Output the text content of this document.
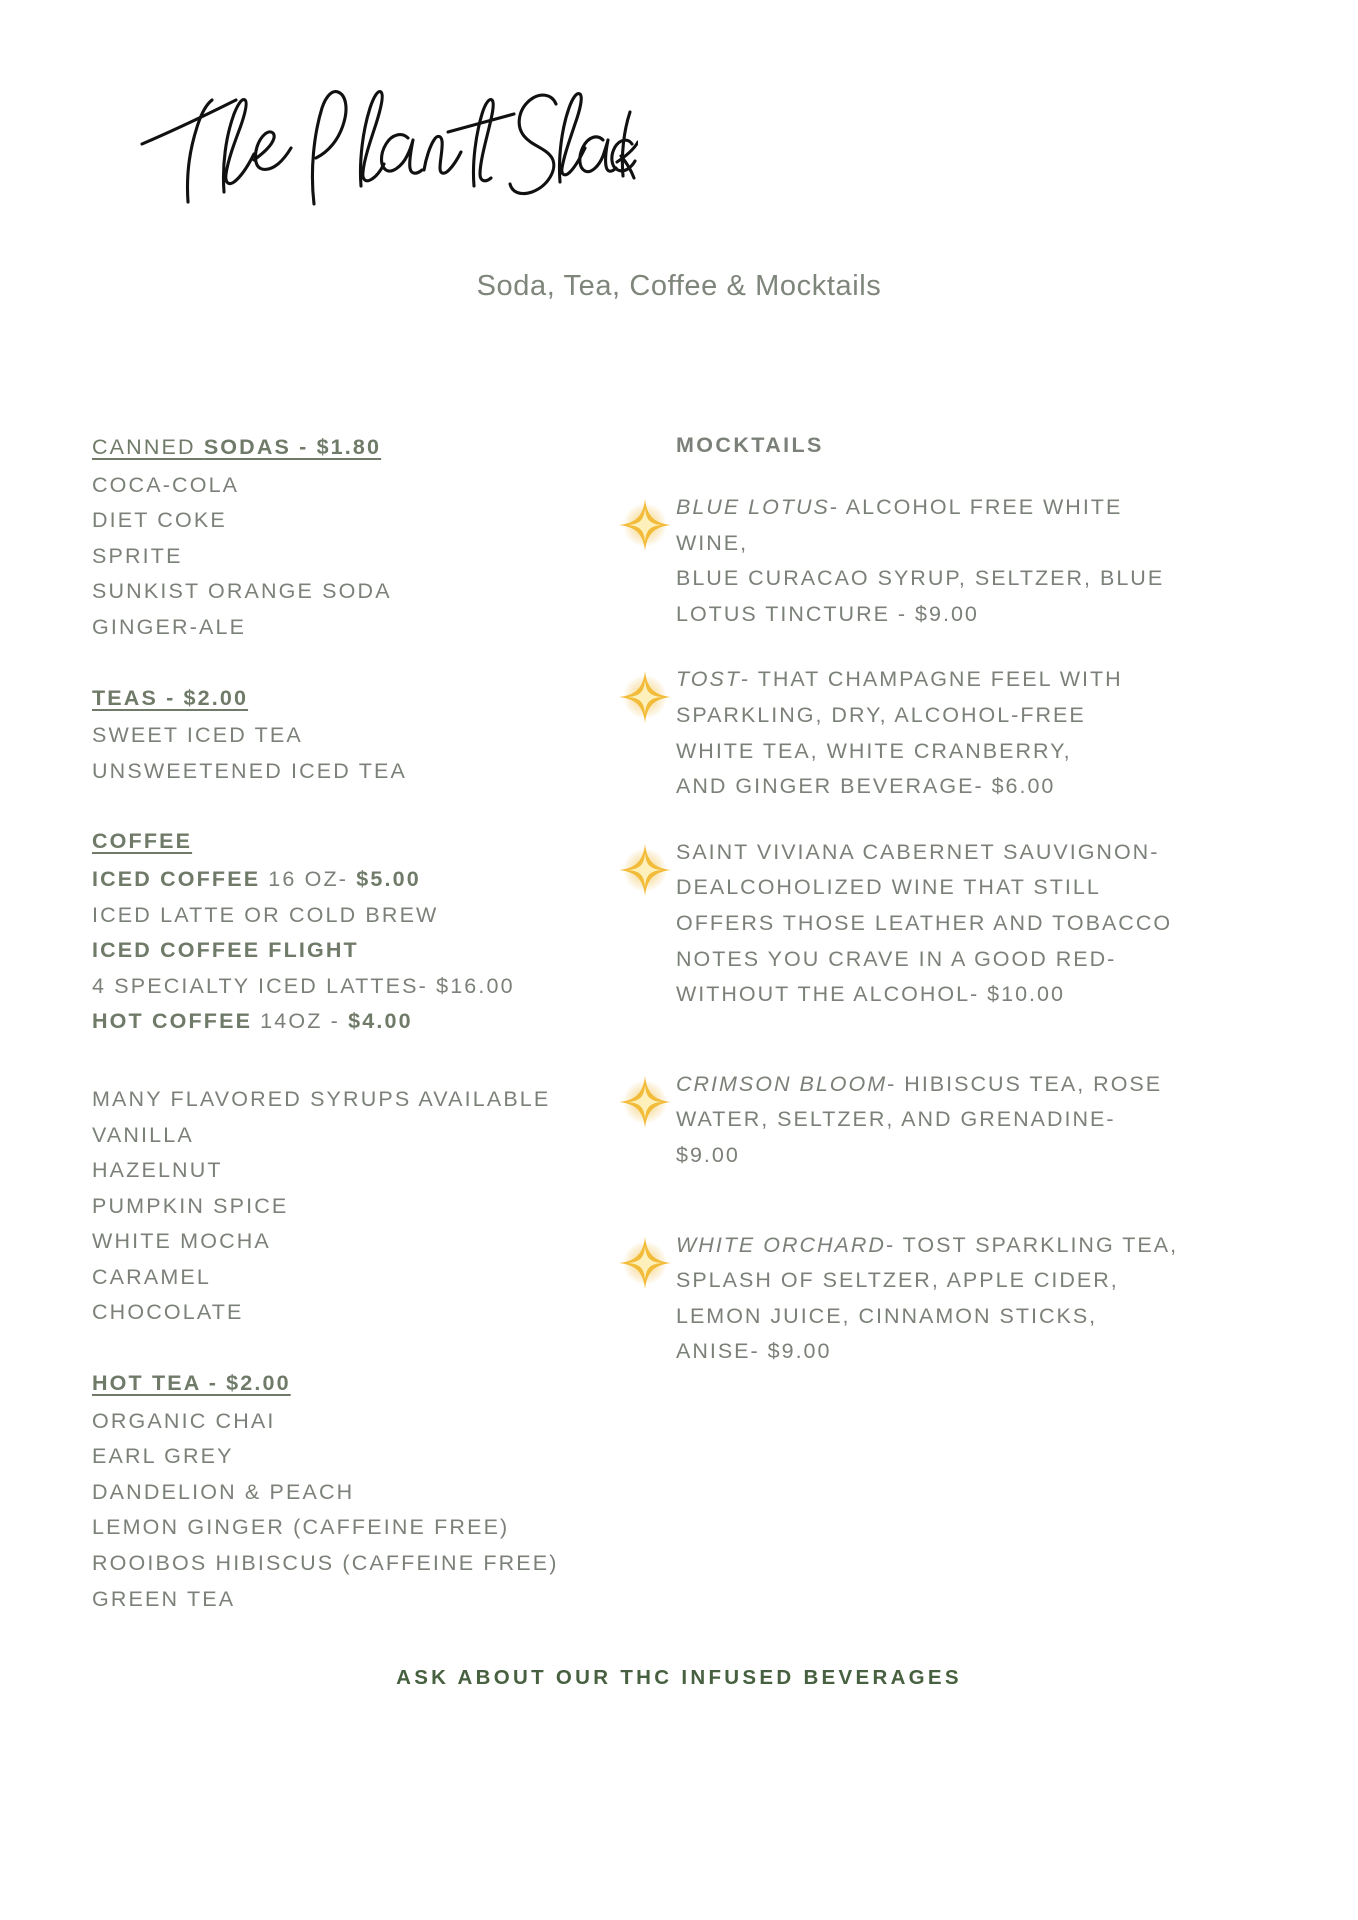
Soda, Tea, Coffee & Mocktails
CANNED SODAS - $1.80
COCA-COLA
DIET COKE
SPRITE
SUNKIST ORANGE SODA
GINGER-ALE
TEAS - $2.00
SWEET ICED TEA
UNSWEETENED ICED TEA
COFFEE
ICED COFFEE 16 OZ- $5.00
ICED LATTE OR COLD BREW
ICED COFFEE FLIGHT
4 SPECIALTY ICED LATTES- $16.00
HOT COFFEE 14OZ - $4.00
MANY FLAVORED SYRUPS AVAILABLE
VANILLA
HAZELNUT
PUMPKIN SPICE
WHITE MOCHA
CARAMEL
CHOCOLATE
HOT TEA - $2.00
ORGANIC CHAI
EARL GREY
DANDELION & PEACH
LEMON GINGER (CAFFEINE FREE)
ROOIBOS HIBISCUS (CAFFEINE FREE)
GREEN TEA
MOCKTAILS
BLUE LOTUS- ALCOHOL FREE WHITE
WINE,
BLUE CURACAO SYRUP, SELTZER, BLUE
LOTUS TINCTURE - $9.00
TOST- THAT CHAMPAGNE FEEL WITH
SPARKLING, DRY, ALCOHOL-FREE
WHITE TEA, WHITE CRANBERRY,
AND GINGER BEVERAGE- $6.00
SAINT VIVIANA CABERNET SAUVIGNON-
DEALCOHOLIZED WINE THAT STILL
OFFERS THOSE LEATHER AND TOBACCO
NOTES YOU CRAVE IN A GOOD RED-
WITHOUT THE ALCOHOL- $10.00
CRIMSON BLOOM- HIBISCUS TEA, ROSE
WATER, SELTZER, AND GRENADINE-
$9.00
WHITE ORCHARD- TOST SPARKLING TEA,
SPLASH OF SELTZER, APPLE CIDER,
LEMON JUICE, CINNAMON STICKS,
ANISE- $9.00
ASK ABOUT OUR THC INFUSED BEVERAGES
